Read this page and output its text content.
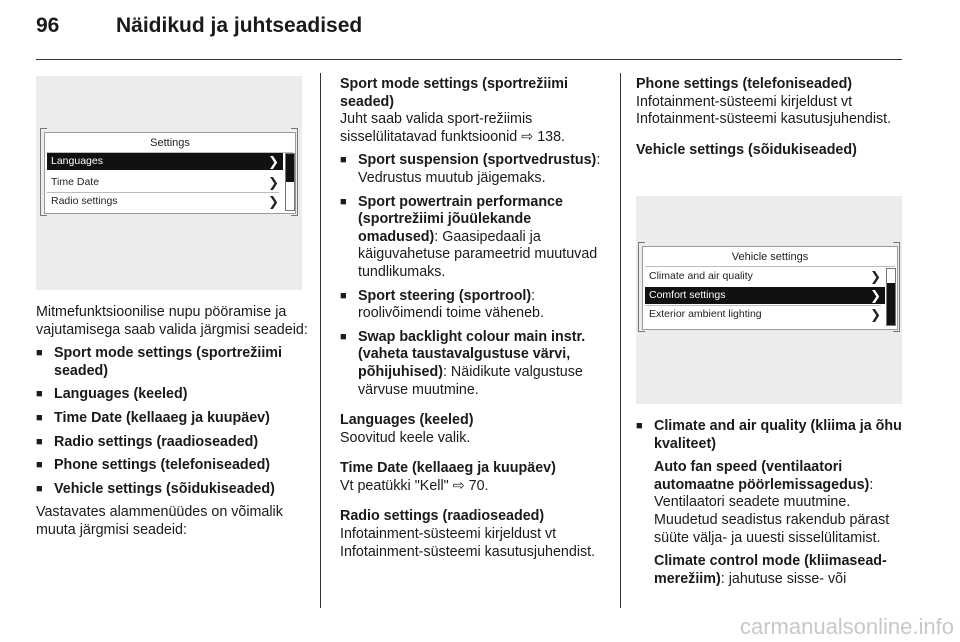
96	Näidikud ja juhtseadised
Settings
Languages	❯
Time Date	❯
Radio settings	❯

Mitmefunktsioonilise nupu pööramise ja vajutamisega saab valida järgmisi seadeid:

■ Sport mode settings (sportrežiimi seaded)

■ Languages (keeled)

■ Time Date (kellaaeg ja kuupäev)

■ Radio settings (raadioseaded)

■ Phone settings (telefoniseaded)

■ Vehicle settings (sõidukiseaded)

Vastavates alammenüüdes on võimalik muuta järgmisi seadeid:

Sport mode settings (sportrežiimi seaded)

Juht saab valida sport-režiimis sisselülitatavad funktsioonid ⇨ 138.

■ Sport suspension (sportvedrustus): Vedrustus muutub jäigemaks.

■ Sport powertrain performance (sportrežiimi jõuülekande omadused): Gaasipedaali ja käiguvahetuse parameetrid muutuvad tundlikumaks.

■ Sport steering (sportrool): roolivõimendi toime väheneb.

■ Swap backlight colour main instr. (vaheta taustavalgustuse värvi, põhijuhised): Näidikute valgustuse värvuse muutmine.

Languages (keeled)

Soovitud keele valik.

Time Date (kellaaeg ja kuupäev)

Vt peatükki "Kell" ⇨ 70.

Radio settings (raadioseaded)

Infotainment-süsteemi kirjeldust vt Infotainment-süsteemi kasutusjuhendist.

Phone settings (telefoniseaded)

Infotainment-süsteemi kirjeldust vt Infotainment-süsteemi kasutusjuhendist.

Vehicle settings (sõidukiseaded)

Vehicle settings
Climate and air quality	❯
Comfort settings	❯
Exterior ambient lighting	❯

■ Climate and air quality (kliima ja õhu kvaliteet)

Auto fan speed (ventilaatori automaatne pöörlemissagedus): Ventilaatori seadete muutmine. Muudetud seadistus rakendub pärast süüte välja- ja uuesti sisselülitamist.

Climate control mode (kliimasead-merežiim): jahutuse sisse- või

carmanualsonline.info
